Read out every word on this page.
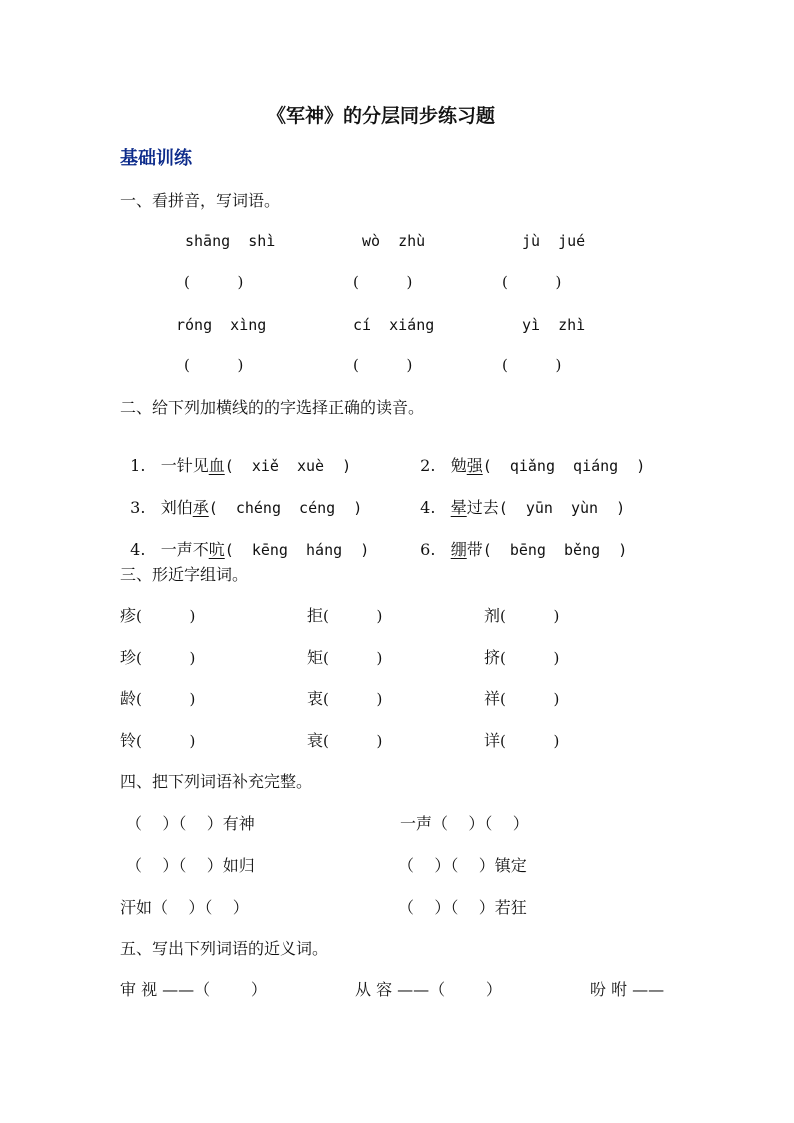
《军神》的分层同步练习题
基础训练
一、看拼音，写词语。
shāng  shì	wò  zhù	jù  jué
(          )	(          )	(          )
róng  xìng	cí  xiáng	yì  zhì
(          )	(          )	(          )
二、给下列加横线的的字选择正确的读音。

1. 一针见血(  xiě  xuè  )	2. 勉强(  qiǎng  qiáng  )

3. 刘伯承(  chéng  céng  )	4. 晕过去(  yūn  yùn  )

4. 一声不吭(  kēng  háng  )	6. 绷带(  bēng  běng  )

三、形近字组词。
疹(          )	拒(          )	剂(          )
珍(          )	矩(          )	挤(          )
龄(          )	衷(          )	祥(          )
铃(          )	衰(          )	详(          )
四、把下列词语补充完整。
（    ）（    ）有神	一声（    ）（    ）
（    ）（    ）如归	（    ）（    ）镇定
汗如（    ）（    ）	（    ）（    ）若狂
五、写出下列词语的近义词。
审 视 ——（        ）	从 容 ——（        ）	吩 咐 ——
